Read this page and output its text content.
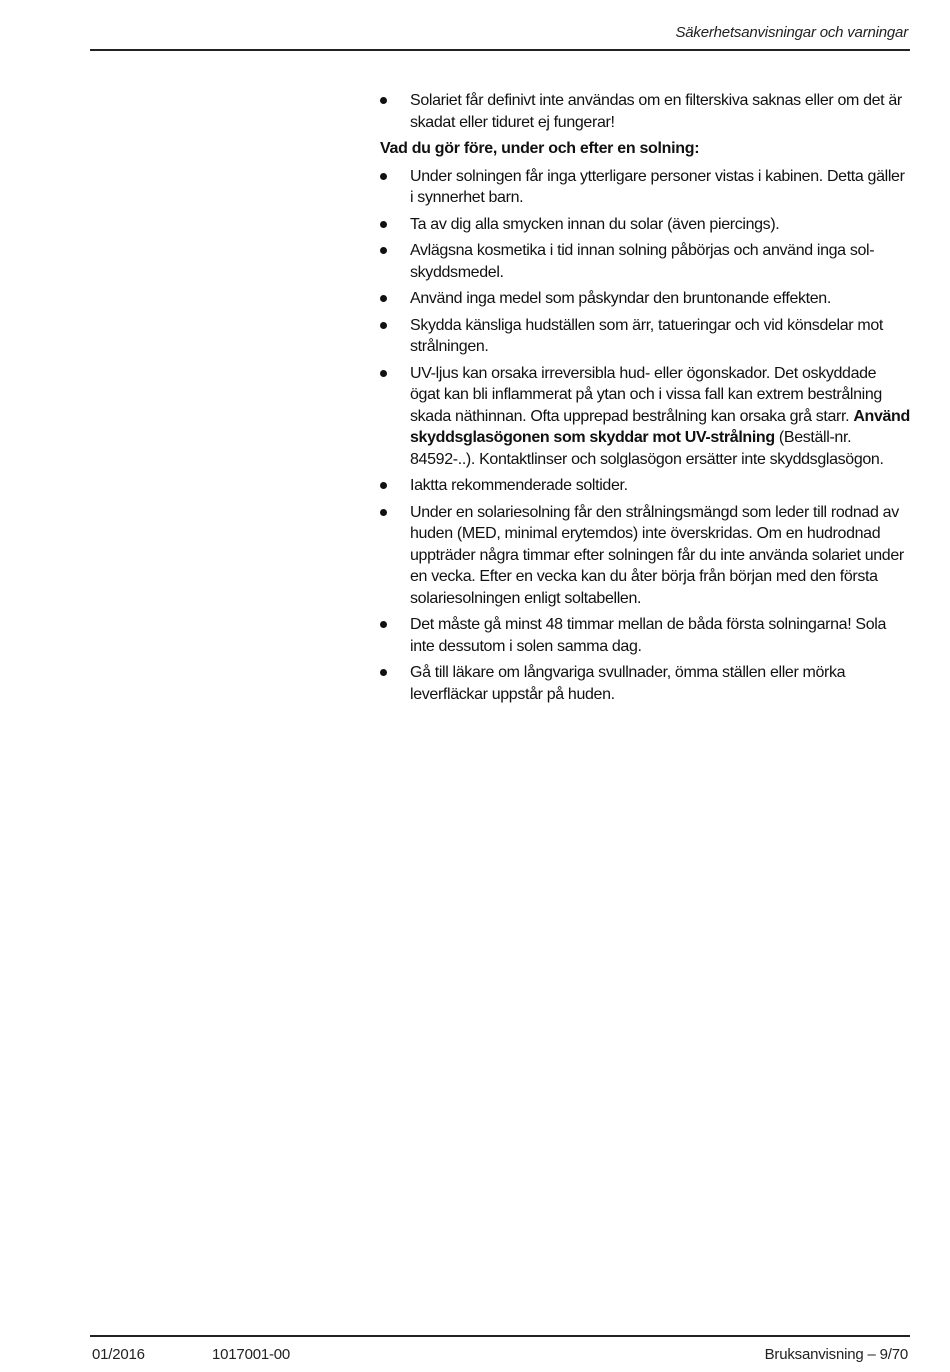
Säkerhetsanvisningar och varningar
Solariet får definivt inte användas om en filterskiva saknas eller om det är skadat eller tiduret ej fungerar!
Vad du gör före, under och efter en solning:
Under solningen får inga ytterligare personer vistas i kabinen. Detta gäller i synnerhet barn.
Ta av dig alla smycken innan du solar (även piercings).
Avlägsna kosmetika i tid innan solning påbörjas och använd inga sol-skyddsmedel.
Använd inga medel som påskyndar den bruntonande effekten.
Skydda känsliga hudställen som ärr, tatueringar och vid könsdelar mot strålningen.
UV-ljus kan orsaka irreversibla hud- eller ögonskador. Det oskyddade ögat kan bli inflammerat på ytan och i vissa fall kan extrem bestrålning skada näthinnan. Ofta upprepad bestrålning kan orsaka grå starr. Använd skyddsglasögonen som skyddar mot UV-strålning (Beställ-nr. 84592-..). Kontaktlinser och solglasögon ersätter inte skyddsglasögon.
Iaktta rekommenderade soltider.
Under en solariesolning får den strålningsmängd som leder till rodnad av huden (MED, minimal erytemdos) inte överskridas. Om en hudrodnad uppträder några timmar efter solningen får du inte använda solariet under en vecka. Efter en vecka kan du åter börja från början med den första solariesolningen enligt soltabellen.
Det måste gå minst 48 timmar mellan de båda första solningarna! Sola inte dessutom i solen samma dag.
Gå till läkare om långvariga svullnader, ömma ställen eller mörka leverfläckar uppstår på huden.
01/2016	1017001-00	Bruksanvisning – 9/70
